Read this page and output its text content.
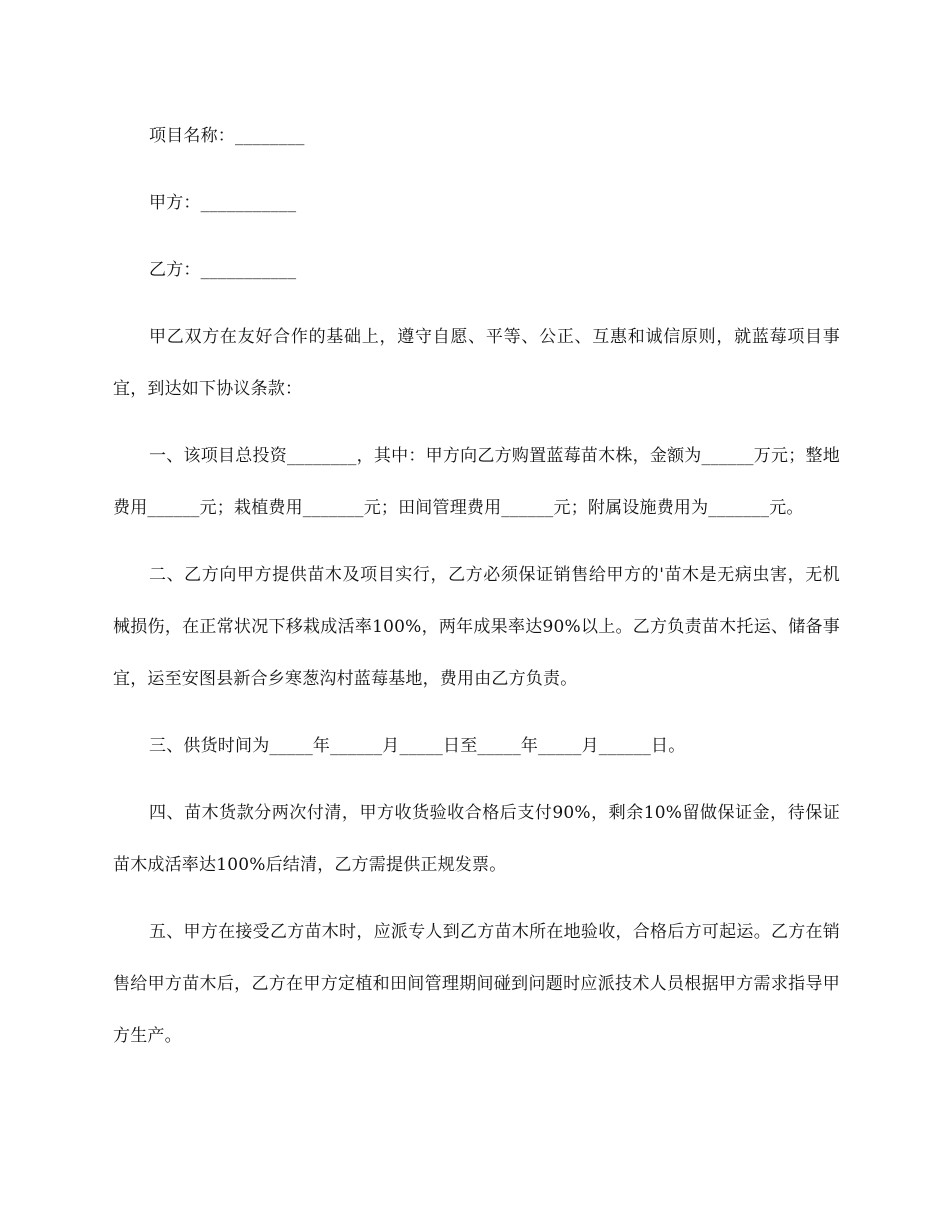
项目名称：________

甲方：___________

乙方：___________

甲乙双方在友好合作的基础上，遵守自愿、平等、公正、互惠和诚信原则，就蓝莓项目事宜，到达如下协议条款：

一、该项目总投资________，其中：甲方向乙方购置蓝莓苗木株，金额为______万元；整地费用______元；栽植费用_______元；田间管理费用______元；附属设施费用为_______元。

二、乙方向甲方提供苗木及项目实行，乙方必须保证销售给甲方的'苗木是无病虫害，无机械损伤，在正常状况下移栽成活率100%，两年成果率达90%以上。乙方负责苗木托运、储备事宜，运至安图县新合乡寒葱沟村蓝莓基地，费用由乙方负责。

三、供货时间为_____年______月_____日至_____年_____月______日。

四、苗木货款分两次付清，甲方收货验收合格后支付90%，剩余10%留做保证金，待保证苗木成活率达100%后结清，乙方需提供正规发票。

五、甲方在接受乙方苗木时，应派专人到乙方苗木所在地验收，合格后方可起运。乙方在销售给甲方苗木后，乙方在甲方定植和田间管理期间碰到问题时应派技术人员根据甲方需求指导甲方生产。
